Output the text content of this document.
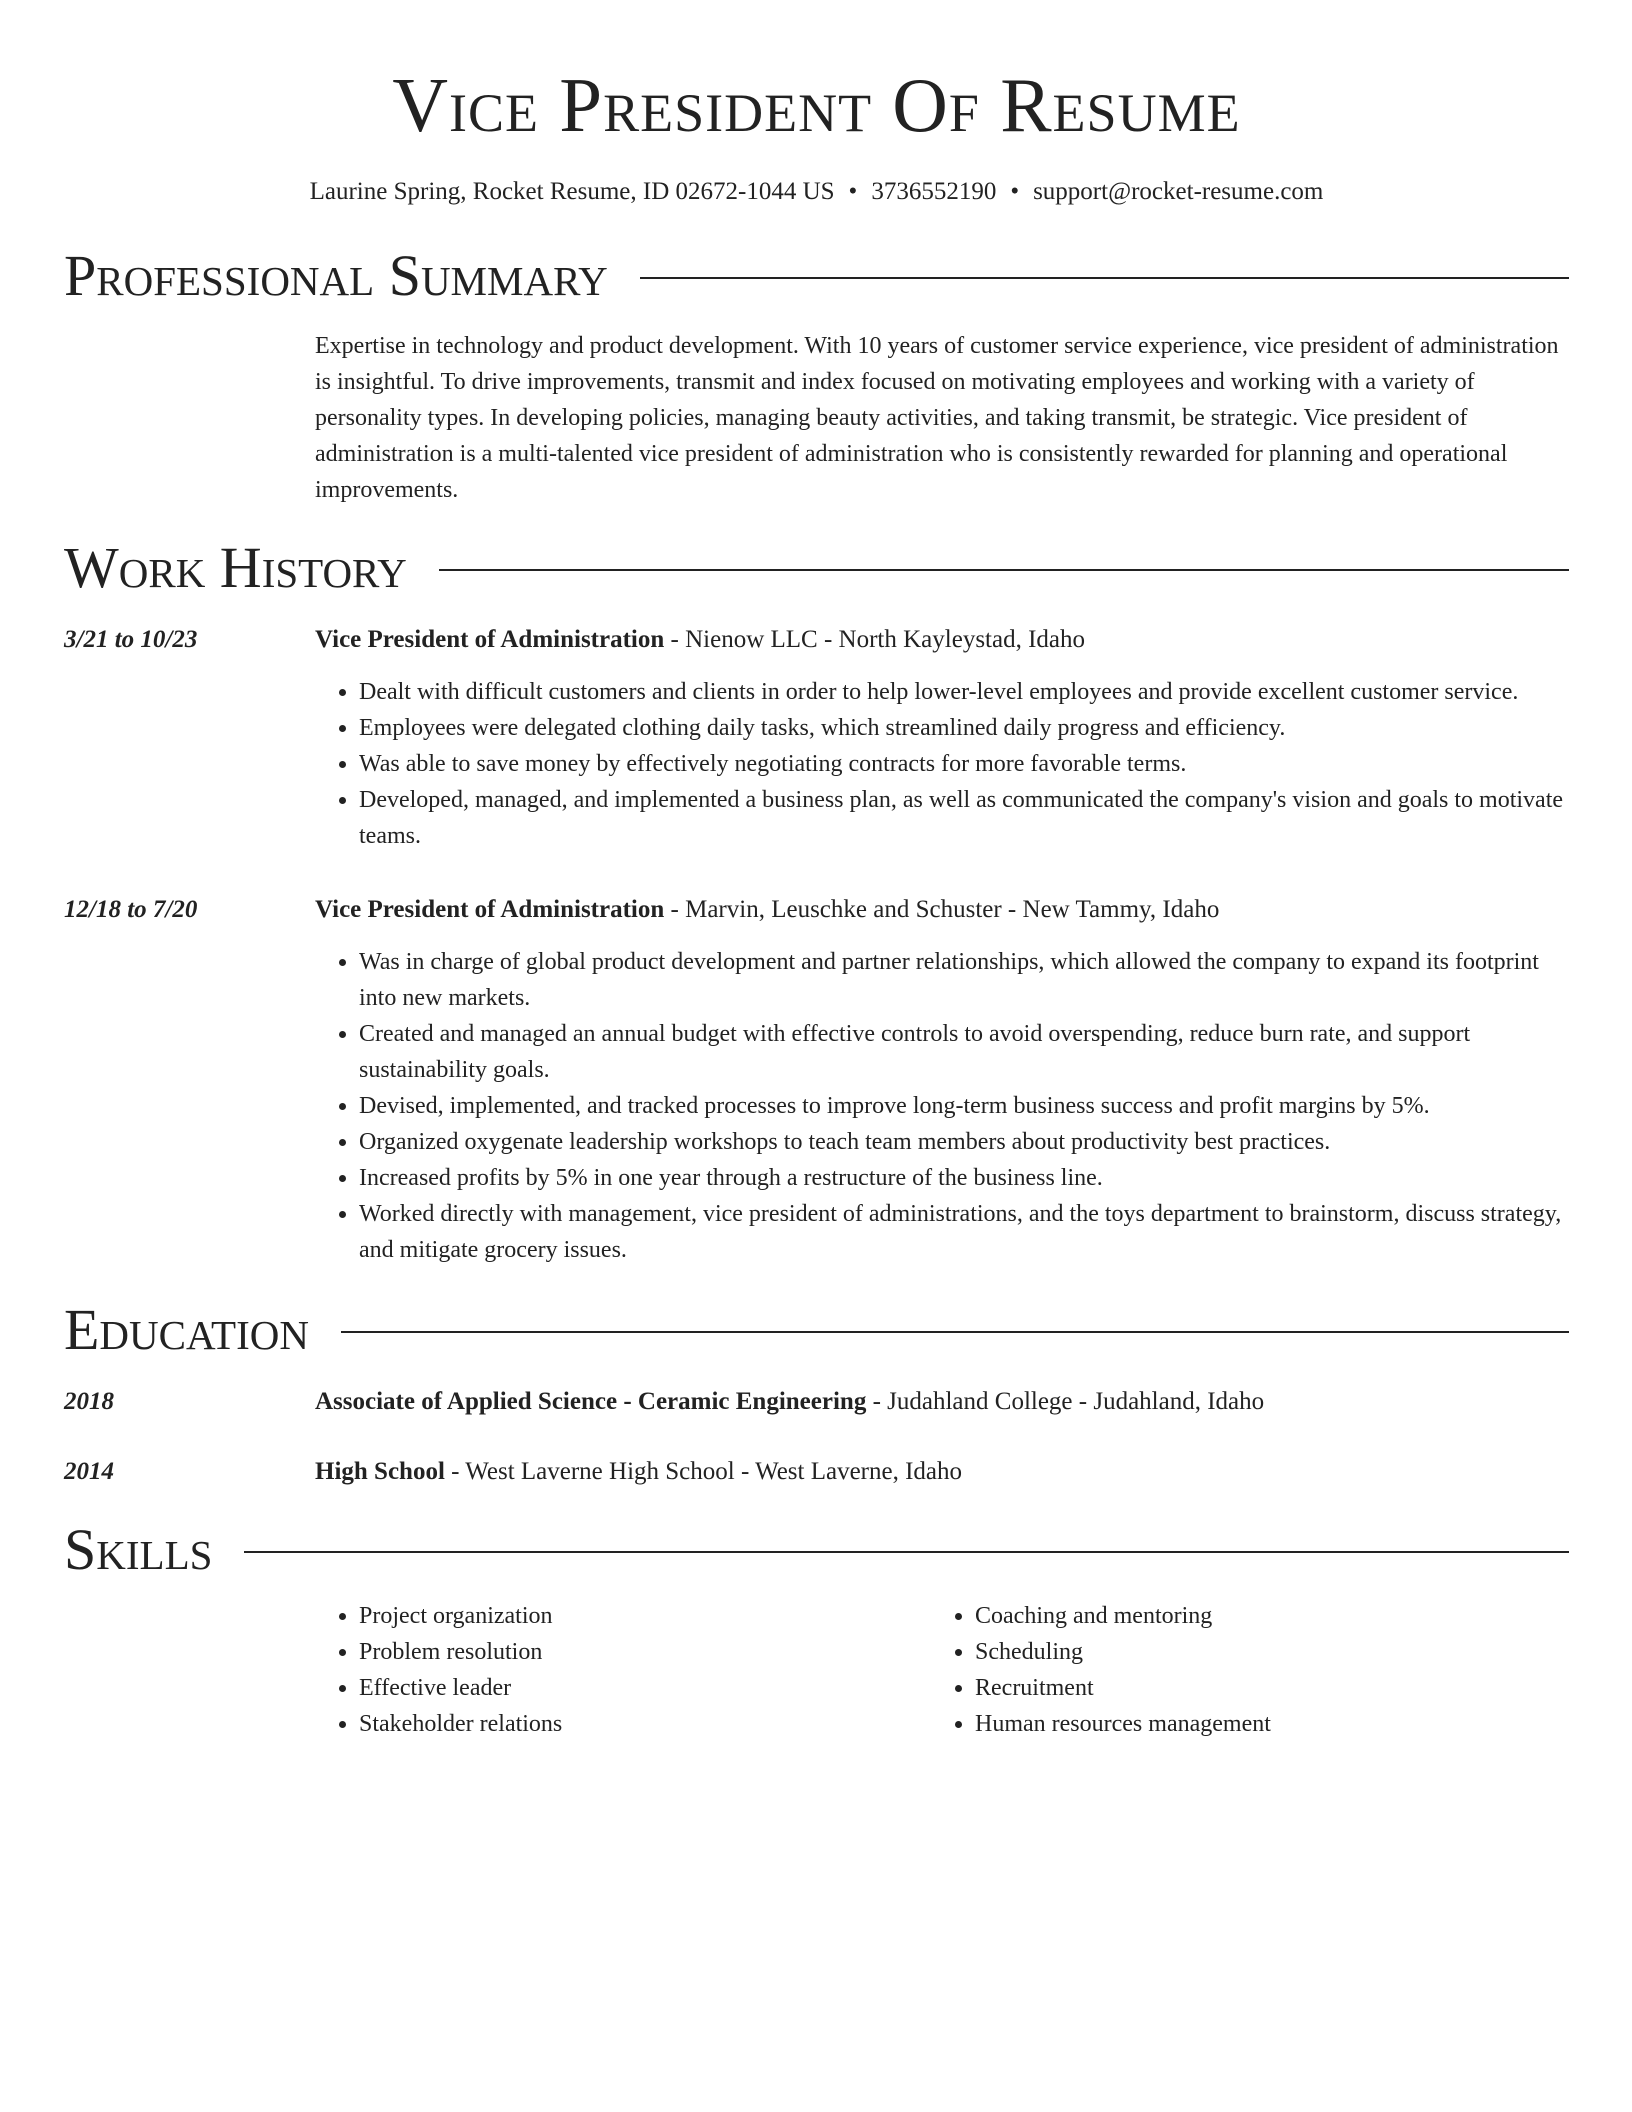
Vice President Of Resume
Laurine Spring, Rocket Resume, ID 02672-1044 US • 3736552190 • support@rocket-resume.com
Professional Summary

Expertise in technology and product development. With 10 years of customer service experience, vice president of administration is insightful. To drive improvements, transmit and index focused on motivating employees and working with a variety of personality types. In developing policies, managing beauty activities, and taking transmit, be strategic. Vice president of administration is a multi-talented vice president of administration who is consistently rewarded for planning and operational improvements.

Work History
3/21 to 10/23	Vice President of Administration - Nienow LLC - North Kayleystad, Idaho
• Dealt with difficult customers and clients in order to help lower-level employees and provide excellent customer service.
• Employees were delegated clothing daily tasks, which streamlined daily progress and efficiency.
• Was able to save money by effectively negotiating contracts for more favorable terms.
• Developed, managed, and implemented a business plan, as well as communicated the company's vision and goals to motivate teams.
12/18 to 7/20	Vice President of Administration - Marvin, Leuschke and Schuster - New Tammy, Idaho
• Was in charge of global product development and partner relationships, which allowed the company to expand its footprint into new markets.
• Created and managed an annual budget with effective controls to avoid overspending, reduce burn rate, and support sustainability goals.
• Devised, implemented, and tracked processes to improve long-term business success and profit margins by 5%.
• Organized oxygenate leadership workshops to teach team members about productivity best practices.
• Increased profits by 5% in one year through a restructure of the business line.
• Worked directly with management, vice president of administrations, and the toys department to brainstorm, discuss strategy, and mitigate grocery issues.
Education
2018	Associate of Applied Science - Ceramic Engineering - Judahland College - Judahland, Idaho
2014	High School - West Laverne High School - West Laverne, Idaho
Skills
• Project organization
• Problem resolution
• Effective leader
• Stakeholder relations
• Coaching and mentoring
• Scheduling
• Recruitment
• Human resources management
